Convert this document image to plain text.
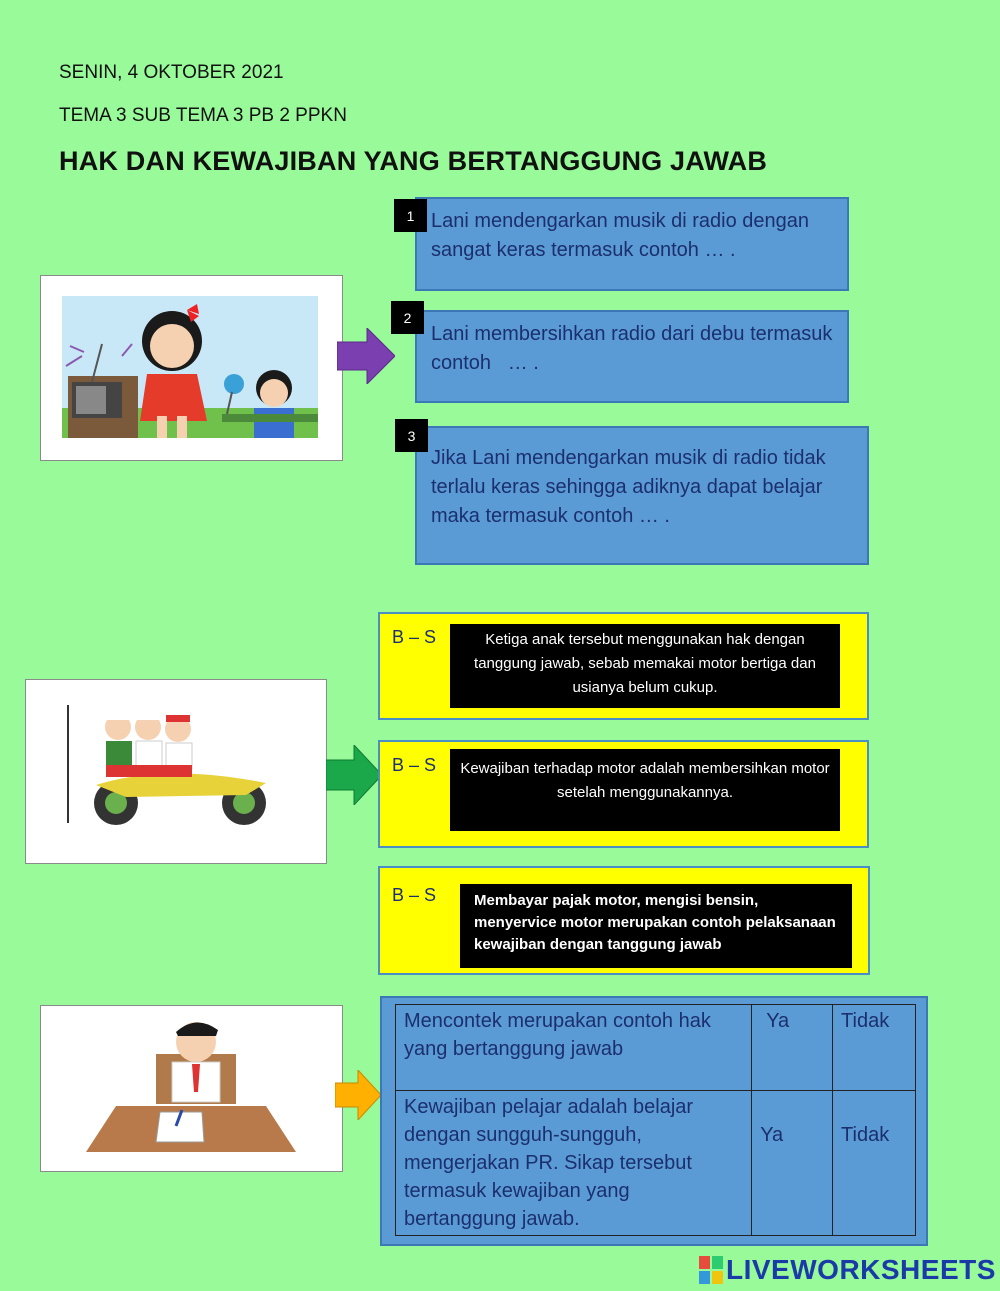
SENIN, 4 OKTOBER 2021
TEMA 3 SUB TEMA 3 PB 2 PPKN
HAK DAN KEWAJIBAN YANG BERTANGGUNG JAWAB
Lani mendengarkan musik di radio dengan sangat keras termasuk contoh … .
1
Lani membersihkan radio dari debu termasuk contoh   … .
2
Jika Lani mendengarkan musik di radio tidak terlalu keras sehingga adiknya dapat belajar maka termasuk contoh … .
3
B – S	Ketiga anak tersebut menggunakan hak dengan tanggung jawab, sebab memakai motor bertiga dan usianya belum cukup.
B – S	Kewajiban terhadap motor adalah membersihkan motor setelah menggunakannya.
B – S	Membayar pajak motor, mengisi bensin, menyervice motor merupakan contoh pelaksanaan kewajiban dengan tanggung jawab
Mencontek merupakan contoh hak yang bertanggung jawab	Ya	Tidak
Kewajiban pelajar adalah belajar dengan sungguh-sungguh, mengerjakan PR. Sikap tersebut termasuk kewajiban yang bertanggung jawab.	Ya	Tidak
LIVEWORKSHEETS
